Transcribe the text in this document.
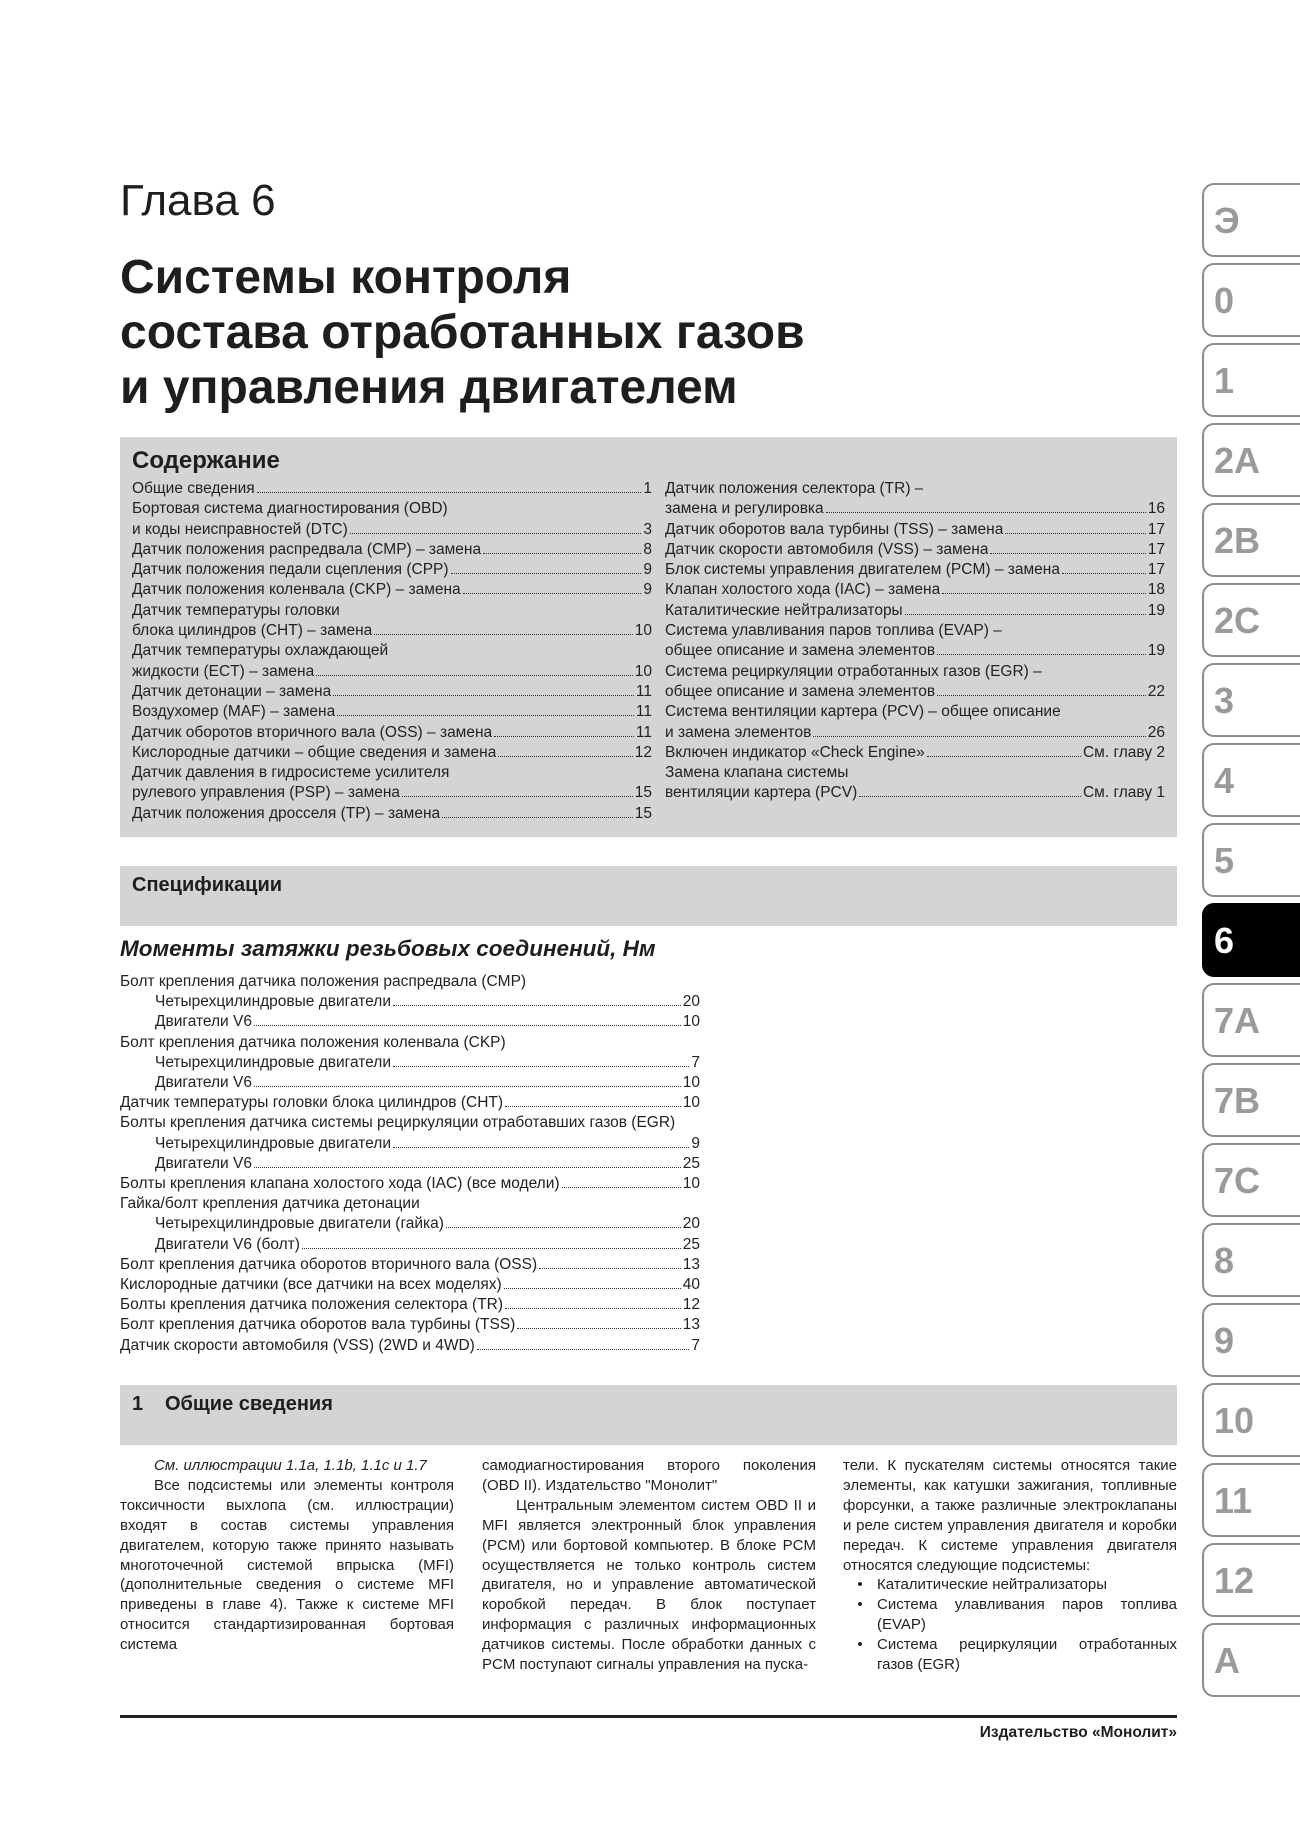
Глава 6
Системы контроля
состава отработанных газов
и управления двигателем
Содержание
Общие сведения	1
Бортовая система диагностирования (OBD)
и коды неисправностей (DTC)	3
Датчик положения распредвала (CMP) – замена	8
Датчик положения педали сцепления (CPP)	9
Датчик положения коленвала (CKP) – замена	9
Датчик температуры головки
блока цилиндров (CHT) – замена	10
Датчик температуры охлаждающей
жидкости (ECT) – замена	10
Датчик детонации – замена	11
Воздухомер (MAF) – замена	11
Датчик оборотов вторичного вала (OSS) – замена	11
Кислородные датчики – общие сведения и замена	12
Датчик давления в гидросистеме усилителя
рулевого управления (PSP) – замена	15
Датчик положения дросселя (TP) – замена	15
Датчик положения селектора (TR) –
замена и регулировка	16
Датчик оборотов вала турбины (TSS) – замена	17
Датчик скорости автомобиля (VSS) – замена	17
Блок системы управления двигателем (PCM) – замена	17
Клапан холостого хода (IAC) – замена	18
Каталитические нейтрализаторы	19
Система улавливания паров топлива (EVAP) –
общее описание и замена элементов	19
Система рециркуляции отработанных газов (EGR) –
общее описание и замена элементов	22
Система вентиляции картера (PCV) – общее описание
и замена элементов	26
Включен индикатор «Check Engine»	См. главу 2
Замена клапана системы
вентиляции картера (PCV)	См. главу 1
Спецификации
Моменты затяжки резьбовых соединений, Нм
Болт крепления датчика положения распредвала (CMP)
Четырехцилиндровые двигатели	20
Двигатели V6	10
Болт крепления датчика положения коленвала (CKP)
Четырехцилиндровые двигатели	7
Двигатели V6	10
Датчик температуры головки блока цилиндров (CHT)	10
Болты крепления датчика системы рециркуляции отработавших газов (EGR)
Четырехцилиндровые двигатели	9
Двигатели V6	25
Болты крепления клапана холостого хода (IAC) (все модели)	10
Гайка/болт крепления датчика детонации
Четырехцилиндровые двигатели (гайка)	20
Двигатели V6 (болт)	25
Болт крепления датчика оборотов вторичного вала (OSS)	13
Кислородные датчики (все датчики на всех моделях)	40
Болты крепления датчика положения селектора (TR)	12
Болт крепления датчика оборотов вала турбины (TSS)	13
Датчик скорости автомобиля (VSS) (2WD и 4WD)	7
1 Общие сведения

См. иллюстрации 1.1a, 1.1b, 1.1c и 1.7

Все подсистемы или элементы контроля токсичности выхлопа (см. иллюстрации) входят в состав системы управления двигателем, которую также принято называть многоточечной системой впрыска (MFI) (дополнительные сведения о системе MFI приведены в главе 4). Также к системе MFI относится стандартизированная бортовая система

самодиагностирования второго поколения (OBD II). Издательство "Монолит"

Центральным элементом систем OBD II и MFI является электронный блок управления (PCM) или бортовой компьютер. В блоке PCM осуществляется не только контроль систем двигателя, но и управление автоматической коробкой передач. В блок поступает информация с различных информационных датчиков системы. После обработки данных с PCM поступают сигналы управления на пуска-

тели. К пускателям системы относятся такие элементы, как катушки зажигания, топливные форсунки, а также различные электроклапаны и реле систем управления двигателя и коробки передач. К системе управления двигателя относятся следующие подсистемы:

• Каталитические нейтрализаторы
• Система улавливания паров топлива (EVAP)
• Система рециркуляции отработанных газов (EGR)
Издательство «Монолит»
Э
0
1
2A
2B
2C
3
4
5
6
7A
7B
7C
8
9
10
11
12
A
